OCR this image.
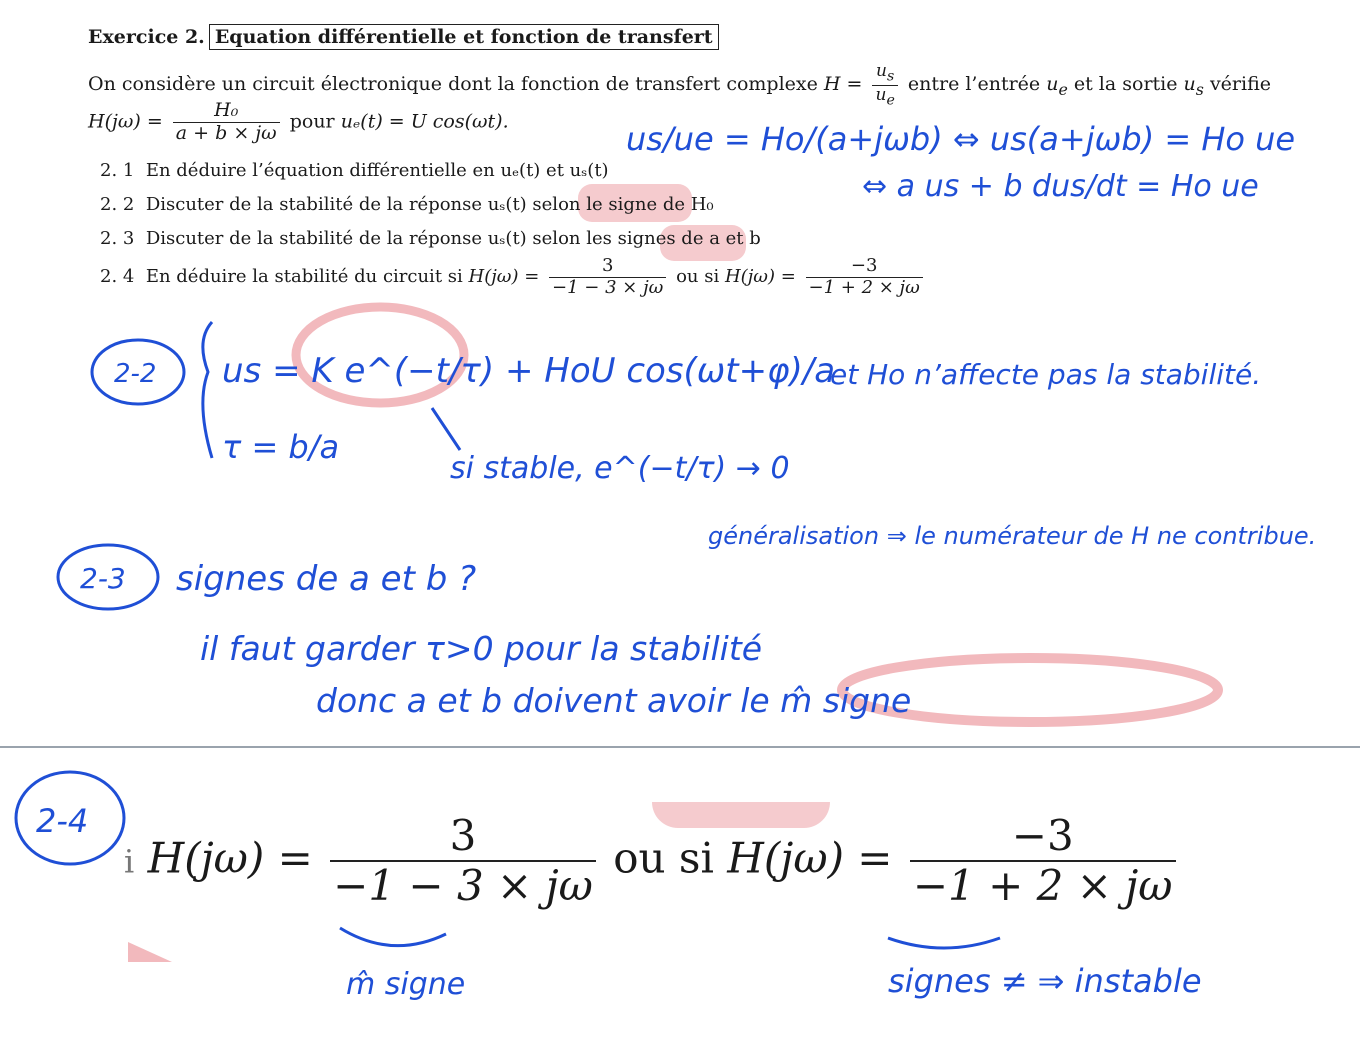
Exercice 2. Equation différentielle et fonction de transfert
On considère un circuit électronique dont la fonction de transfert complexe $H = \frac{u_s}{u_e}$ entre l’entrée $u_e$ et la sortie $u_s$ vérifie
$H(j\omega) = \frac{\text{H₀}}{a + b \times j\omega}$ pour uₑ(t) = U cos(ωt).
2. 1 En déduire l’équation différentielle en uₑ(t) et uₛ(t)
2. 2 Discuter de la stabilité de la réponse uₛ(t) selon le signe de H₀
2. 3 Discuter de la stabilité de la réponse uₛ(t) selon les signes de a et b
2. 4 En déduire la stabilité du circuit si $H(j\omega) = \frac{3}{-1 - 3 \times j\omega}$ ou si $H(j\omega) = \frac{-3}{-1 + 2 \times j\omega}$
i $H(j\omega) = \frac{3}{-1 - 3 \times j\omega}$ ou si $H(j\omega) = \frac{-3}{-1 + 2 \times j\omega}$
us/ue = Ho/(a+jωb) ⇔ us(a+jωb) = Ho ue
⇔ a us + b dus/dt = Ho ue
2-2 us = K e^(−t/τ) + HoU cos(ωt+φ)/a
τ = b/a
et Ho n’affecte pas la stabilité.
si stable, e^(−t/τ) → 0
généralisation ⇒ le numérateur de H ne contribue.
2-3 signes de a et b ?
il faut garder τ>0 pour la stabilité
donc a et b doivent avoir le m̂ signe
2-4
m̂ signe	signes ≠ ⇒ instable
